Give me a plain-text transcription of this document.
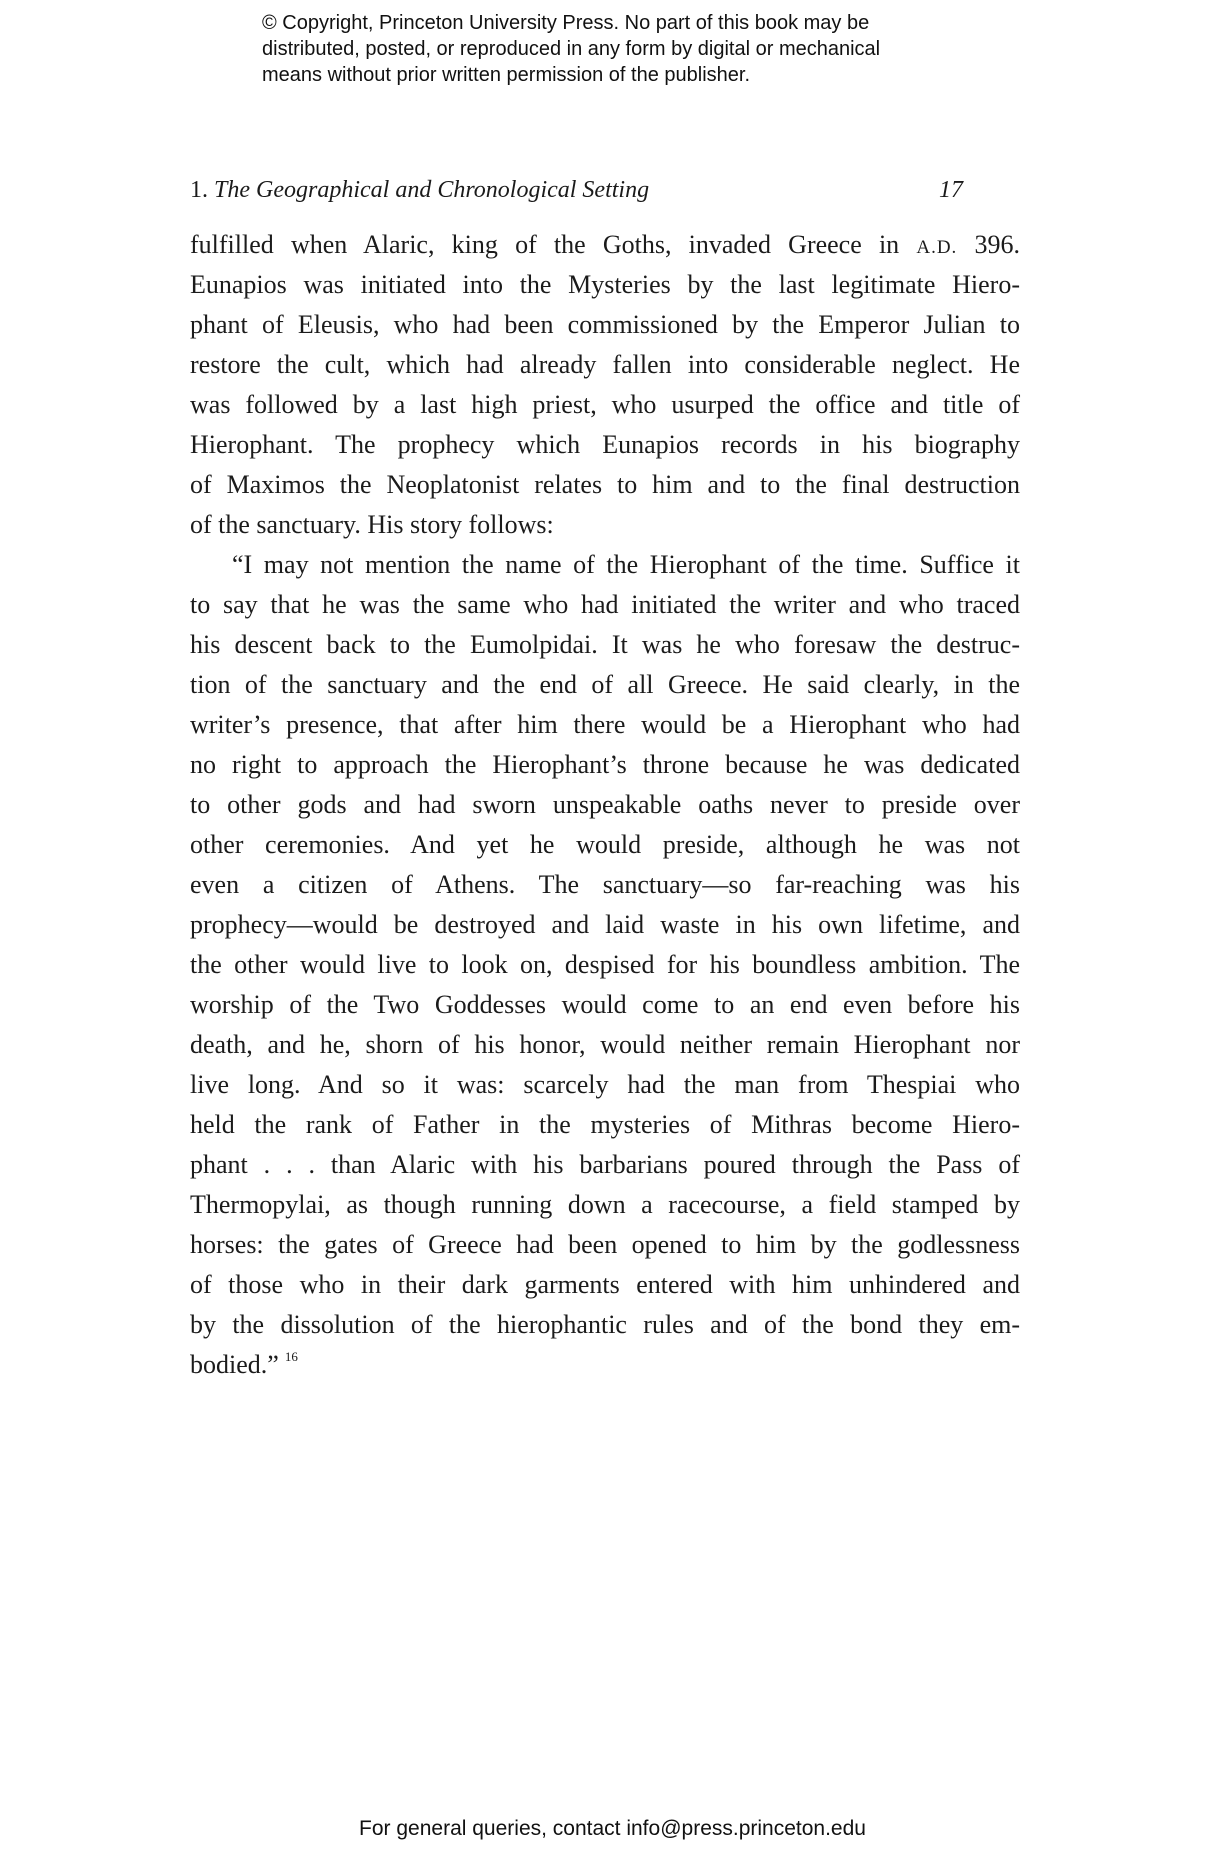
© Copyright, Princeton University Press. No part of this book may be
distributed, posted, or reproduced in any form by digital or mechanical
means without prior written permission of the publisher.
1. The Geographical and Chronological Setting	17
fulfilled when Alaric, king of the Goths, invaded Greece in A.D. 396.
Eunapios was initiated into the Mysteries by the last legitimate Hiero-
phant of Eleusis, who had been commissioned by the Emperor Julian to
restore the cult, which had already fallen into considerable neglect. He
was followed by a last high priest, who usurped the office and title of
Hierophant. The prophecy which Eunapios records in his biography
of Maximos the Neoplatonist relates to him and to the final destruction
of the sanctuary. His story follows:
“I may not mention the name of the Hierophant of the time. Suffice it
to say that he was the same who had initiated the writer and who traced
his descent back to the Eumolpidai. It was he who foresaw the destruc-
tion of the sanctuary and the end of all Greece. He said clearly, in the
writer’s presence, that after him there would be a Hierophant who had
no right to approach the Hierophant’s throne because he was dedicated
to other gods and had sworn unspeakable oaths never to preside over
other ceremonies. And yet he would preside, although he was not
even a citizen of Athens. The sanctuary—so far-reaching was his
prophecy—would be destroyed and laid waste in his own lifetime, and
the other would live to look on, despised for his boundless ambition. The
worship of the Two Goddesses would come to an end even before his
death, and he, shorn of his honor, would neither remain Hierophant nor
live long. And so it was: scarcely had the man from Thespiai who
held the rank of Father in the mysteries of Mithras become Hiero-
phant . . . than Alaric with his barbarians poured through the Pass of
Thermopylai, as though running down a racecourse, a field stamped by
horses: the gates of Greece had been opened to him by the godlessness
of those who in their dark garments entered with him unhindered and
by the dissolution of the hierophantic rules and of the bond they em-
bodied.” $^{16}$
For general queries, contact info@press.princeton.edu
